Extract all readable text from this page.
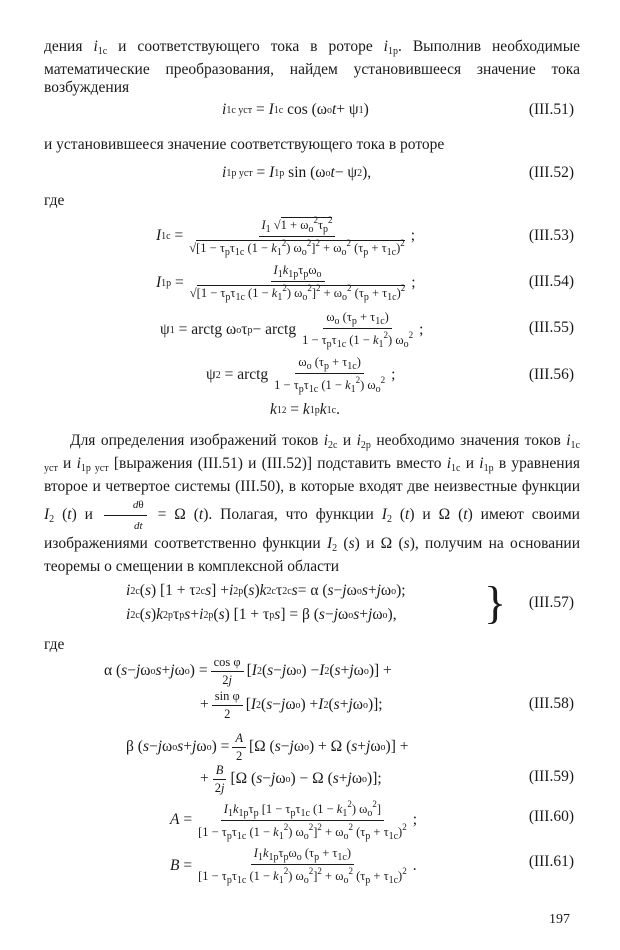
дения $i_{1c}$ и соответствующего тока в роторе $i_{1p}$. Выполнив необходимые математические преобразования, найдем установившееся значение тока возбуждения

i 1c уст = I 1c cos (ω о t + ψ 1 )	(III.51)

и установившееся значение соответствующего тока в роторе

i 1p уст = I 1p sin (ω о t − ψ 2 ),	(III.52)

где

I $1c = \frac{I_1 √1 + \omega_о^2\tau_p^2}{√[1 - \tau_p\tau_{1c} (1 - k_1^2) \omega_о^2]^2 + \omega_о^2 (\tau_p + \tau_{1c})^2}$ ;	(III.53)
I $1p = \frac{I_1k_{1p}\tau_p\omega_о}{√[1 - \tau_p\tau_{1c} (1 - k_1^2) \omega_о^2]^2 + \omega_о^2 (\tau_p + \tau_{1c})^2}$ ;	(III.54)
ψ 1 = arctg ω о τ p − arctg $\frac{\omega_о (\tau_p + \tau_{1c})}{1 - \tau_p\tau_{1c} (1 - k_1^2) \omega_о^2}$ ;	(III.55)
ψ 2 = arctg $\frac{\omega_о (\tau_p + \tau_{1c})}{1 - \tau_p\tau_{1c} (1 - k_1^2) \omega_о^2}$ ;	(III.56)
k 1 2 = k 1p k 1c .

Для определения изображений токов $i_{2c}$ и $i_{2p}$ необходимо значения токов $i_{1c уст}$ и $i_{1p уст}$ [выражения (III.51) и (III.52)] подставить вместо $i_{1c}$ и $i_{1p}$ в уравнения второе и четвертое системы (III.50), в которые входят две неизвестные функции $I_2$ (t) и $\frac{d\theta}{dt} = \Omega$ (t). Полагая, что функции $I_2$ (t) и Ω (t) имеют своими изображениями соответственно функции $I_2$ (s) и Ω (s), получим на основании теоремы о смещении в комплексной области

i 2c ( s ) [1 + τ 2c s ] + i 2p ( s ) k 2c τ 2c s = α ( s − j ω о s + j ω о );
i 2c ( s ) k 2p τ p s + i 2p ( s ) [1 + τ p s ] = β ( s − j ω о s + j ω о ), } (III.57)

где

α ( s − j ω о s + j ω о ) = $\frac{\text{cos φ}}{2j}$ [ I 2 ( s − j ω о ) − I 2 ( s + j ω о )] +
+ $\frac{\text{sin φ}}{2}$ [ I 2 ( s − j ω о ) + I 2 ( s + j ω о )];	(III.58)
β ( s − j ω о s + j ω о ) = $\frac{A}{2} [\Omega$ ( s − j ω о ) + Ω ( s + j ω о )] +
+ $\frac{B}{2j} [\Omega$ ( s − j ω о ) − Ω ( s + j ω о )];	(III.59)
$A = \frac{I_1k_{1p}\tau_p [1 - \tau_p\tau_{1c} (1 - k_1^2) \omega_о^2]}{[1 - \tau_p\tau_{1c} (1 - k_1^2) \omega_о^2]^2 + \omega_о^2 (\tau_p + \tau_{1c})^2}$ ;	(III.60)
$B = \frac{I_1k_{1p}\tau_p\omega_о (\tau_p + \tau_{1c})}{[1 - \tau_p\tau_{1c} (1 - k_1^2) \omega_о^2]^2 + \omega_о^2 (\tau_p + \tau_{1c})^2}$ .	(III.61)
197
